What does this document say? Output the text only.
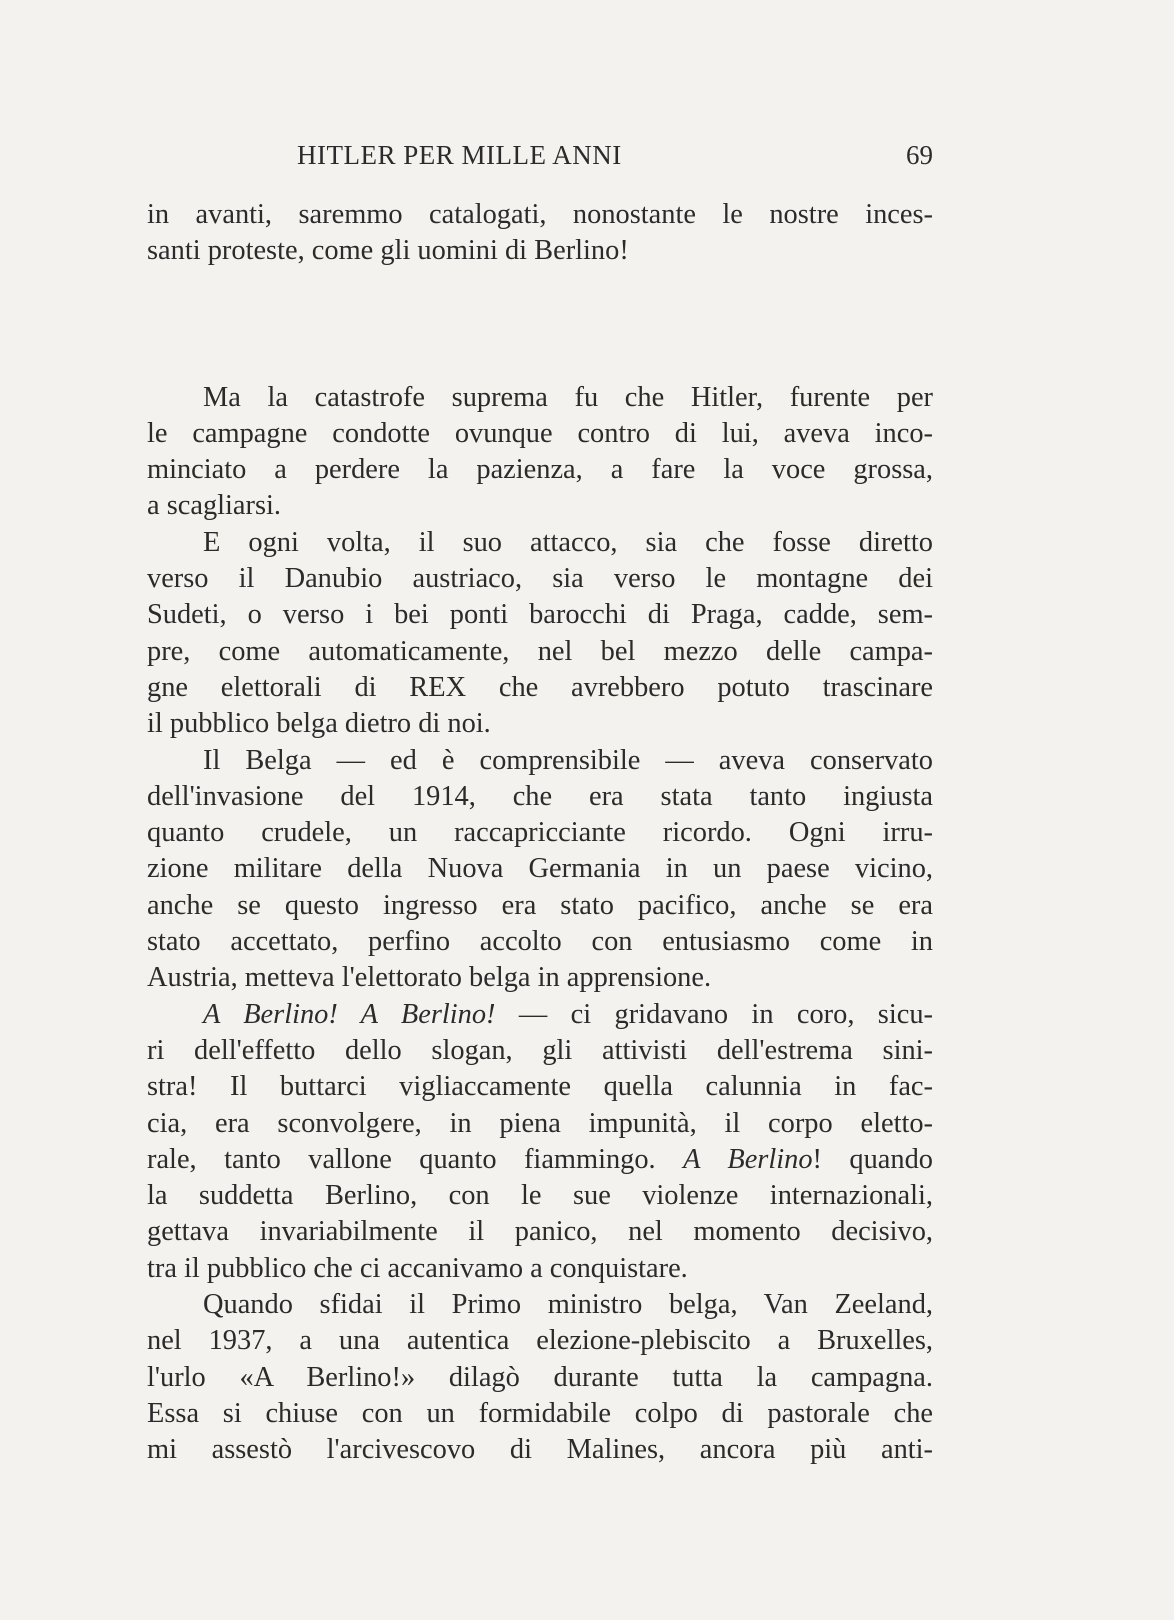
HITLER PER MILLE ANNI	69
in avanti, saremmo catalogati, nonostante le nostre inces-
santi proteste, come gli uomini di Berlino!
Ma la catastrofe suprema fu che Hitler, furente per
le campagne condotte ovunque contro di lui, aveva inco-
minciato a perdere la pazienza, a fare la voce grossa,
a scagliarsi.
E ogni volta, il suo attacco, sia che fosse diretto
verso il Danubio austriaco, sia verso le montagne dei
Sudeti, o verso i bei ponti barocchi di Praga, cadde, sem-
pre, come automaticamente, nel bel mezzo delle campa-
gne elettorali di REX che avrebbero potuto trascinare
il pubblico belga dietro di noi.
Il Belga — ed è comprensibile — aveva conservato
dell'invasione del 1914, che era stata tanto ingiusta
quanto crudele, un raccapricciante ricordo. Ogni irru-
zione militare della Nuova Germania in un paese vicino,
anche se questo ingresso era stato pacifico, anche se era
stato accettato, perfino accolto con entusiasmo come in
Austria, metteva l'elettorato belga in apprensione.
A Berlino! A Berlino! — ci gridavano in coro, sicu-
ri dell'effetto dello slogan, gli attivisti dell'estrema sini-
stra! Il buttarci vigliaccamente quella calunnia in fac-
cia, era sconvolgere, in piena impunità, il corpo eletto-
rale, tanto vallone quanto fiammingo. A Berlino! quando
la suddetta Berlino, con le sue violenze internazionali,
gettava invariabilmente il panico, nel momento decisivo,
tra il pubblico che ci accanivamo a conquistare.
Quando sfidai il Primo ministro belga, Van Zeeland,
nel 1937, a una autentica elezione-plebiscito a Bruxelles,
l'urlo «A Berlino!» dilagò durante tutta la campagna.
Essa si chiuse con un formidabile colpo di pastorale che
mi assestò l'arcivescovo di Malines, ancora più anti-
